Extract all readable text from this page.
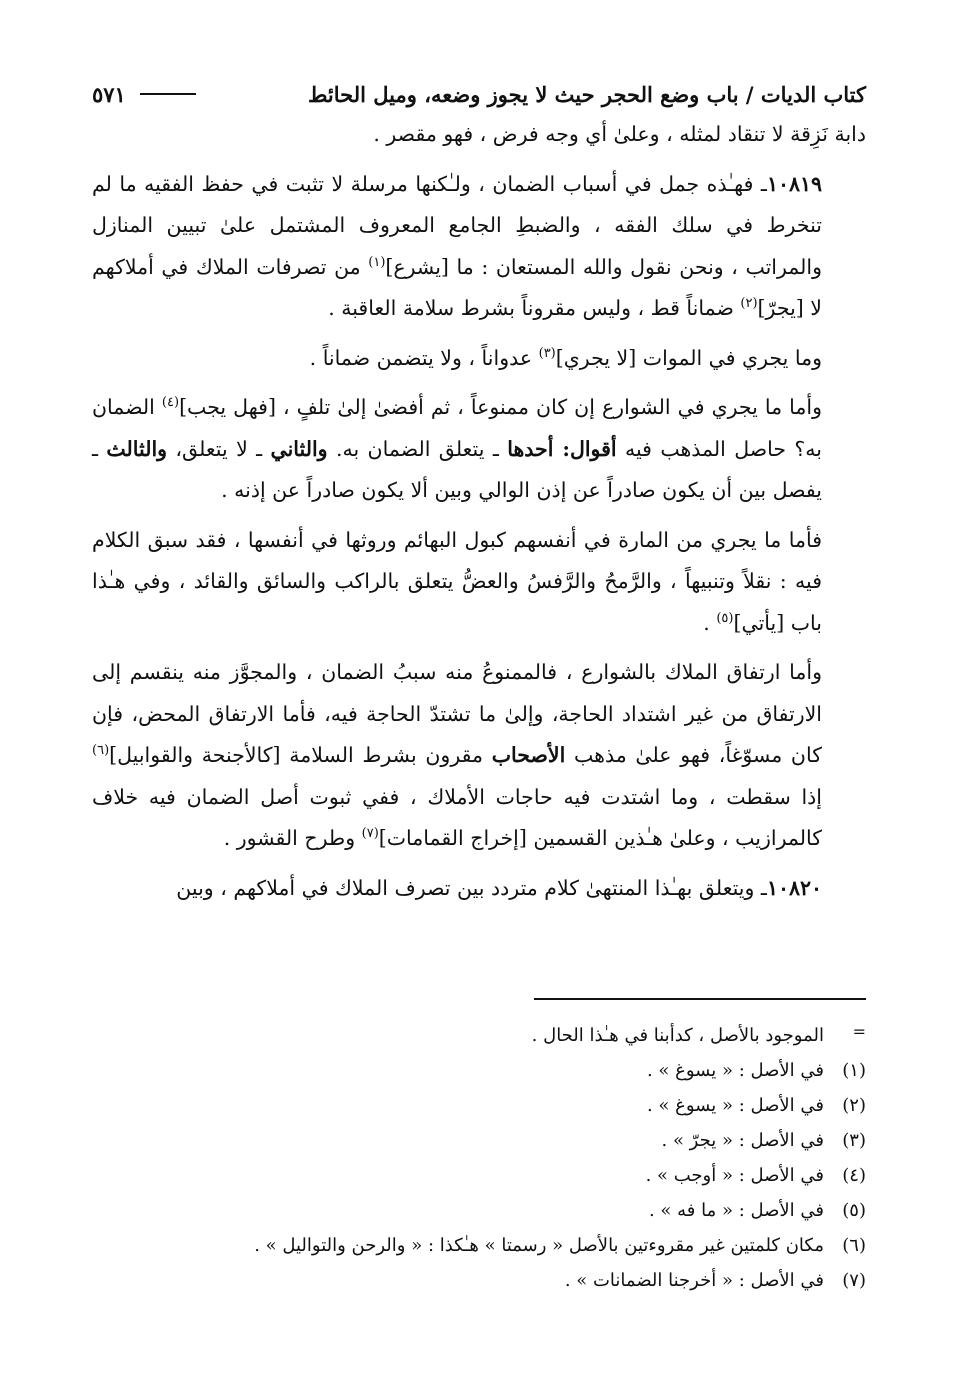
كتاب الديات / باب وضع الحجر حيث لا يجوز وضعه، وميل الحائط
٥٧١

دابة نَزِقة لا تنقاد لمثله ، وعلىٰ أي وجه فرض ، فهو مقصر .

١٠٨١٩ـ فهـٰذه جمل في أسباب الضمان ، ولـٰكنها مرسلة لا تثبت في حفظ الفقيه ما لم تنخرط في سلك الفقه ، والضبطِ الجامع المعروف المشتمل علىٰ تبيين المنازل والمراتب ، ونحن نقول والله المستعان : ما [يشرع]$^{(١)}$ من تصرفات الملاك في أملاكهم لا [يجرّ]$^{(٢)}$ ضماناً قط ، وليس مقروناً بشرط سلامة العاقبة .

وما يجري في الموات [لا يجري]$^{(٣)}$ عدواناً ، ولا يتضمن ضماناً .

وأما ما يجري في الشوارع إن كان ممنوعاً ، ثم أفضىٰ إلىٰ تلفٍ ، [فهل يجب]$^{(٤)}$ الضمان به؟ حاصل المذهب فيه أقوال: أحدها ـ يتعلق الضمان به. والثاني ـ لا يتعلق، والثالث ـ يفصل بين أن يكون صادراً عن إذن الوالي وبين ألا يكون صادراً عن إذنه .

فأما ما يجري من المارة في أنفسهم كبول البهائم وروثها في أنفسها ، فقد سبق الكلام فيه : نقلاً وتنبيهاً ، والرَّمحُ والرَّفسُ والعضُّ يتعلق بالراكب والسائق والقائد ، وفي هـٰذا باب [يأتي]$^{(٥)}$ .

وأما ارتفاق الملاك بالشوارع ، فالممنوعُ منه سببُ الضمان ، والمجوَّز منه ينقسم إلى الارتفاق من غير اشتداد الحاجة، وإلىٰ ما تشتدّ الحاجة فيه، فأما الارتفاق المحض، فإن كان مسوّغاً، فهو علىٰ مذهب الأصحاب مقرون بشرط السلامة [كالأجنحة والقوابيل]$^{(٦)}$ إذا سقطت ، وما اشتدت فيه حاجات الأملاك ، ففي ثبوت أصل الضمان فيه خلاف كالمرازيب ، وعلىٰ هـٰذين القسمين [إخراج القمامات]$^{(٧)}$ وطرح القشور .

١٠٨٢٠ـ ويتعلق بهـٰذا المنتهىٰ كلام متردد بين تصرف الملاك في أملاكهم ، وبين

=
الموجود بالأصل ، كدأبنا في هـٰذا الحال .
(١)
في الأصل : « يسوغ » .
(٢)
في الأصل : « يسوغ » .
(٣)
في الأصل : « يجرّ » .
(٤)
في الأصل : « أوجب » .
(٥)
في الأصل : « ما فه » .
(٦)
مكان كلمتين غير مقروءتين بالأصل « رسمتا » هـٰكذا : « والرحن والتواليل » .
(٧)
في الأصل : « أخرجنا الضمانات » .
